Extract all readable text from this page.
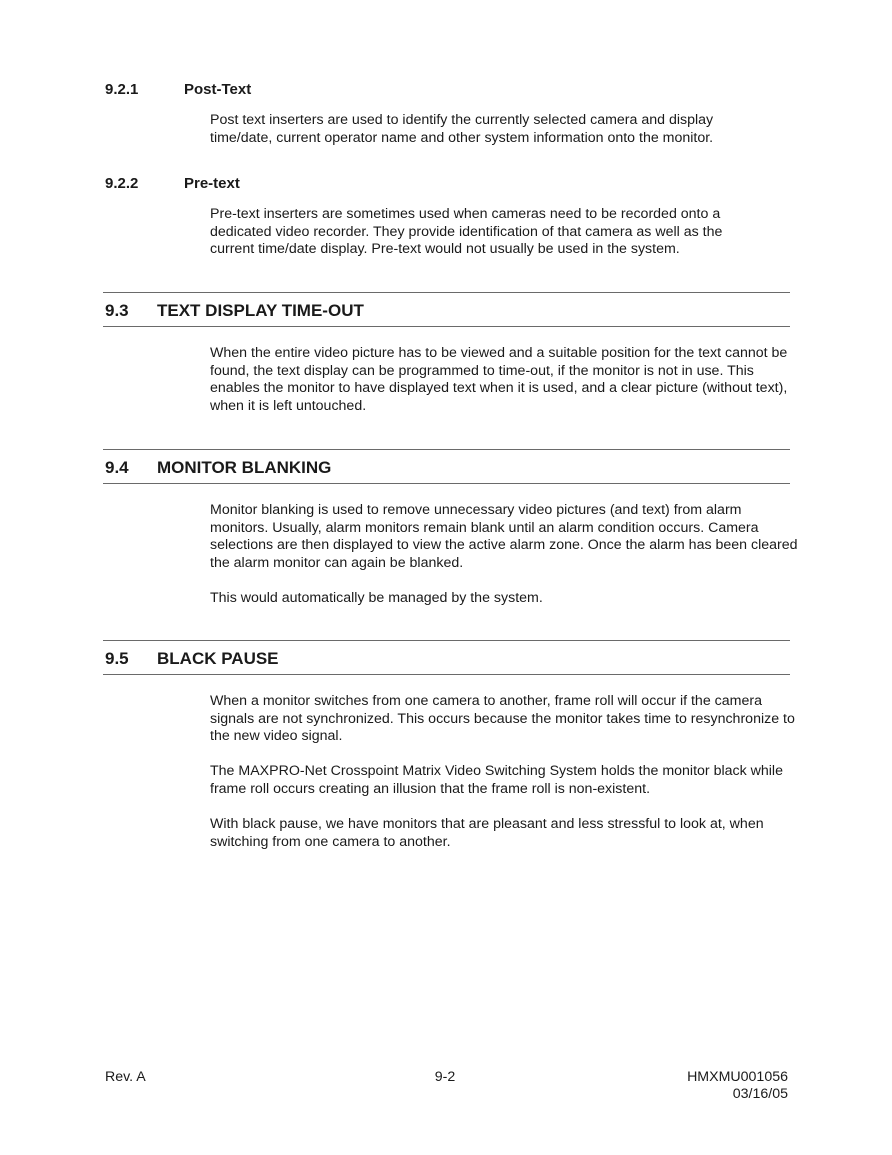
9.2.1	Post-Text
Post text inserters are used to identify the currently selected camera and display time/date, current operator name and other system information onto the monitor.
9.2.2	Pre-text
Pre-text inserters are sometimes used when cameras need to be recorded onto a dedicated video recorder. They provide identification of that camera as well as the current time/date display. Pre-text would not usually be used in the system.
9.3 TEXT DISPLAY TIME-OUT
When the entire video picture has to be viewed and a suitable position for the text cannot be found, the text display can be programmed to time-out, if the monitor is not in use. This enables the monitor to have displayed text when it is used, and a clear picture (without text), when it is left untouched.
9.4 MONITOR BLANKING
Monitor blanking is used to remove unnecessary video pictures (and text) from alarm monitors. Usually, alarm monitors remain blank until an alarm condition occurs. Camera selections are then displayed to view the active alarm zone. Once the alarm has been cleared the alarm monitor can again be blanked.
This would automatically be managed by the system.
9.5 BLACK PAUSE
When a monitor switches from one camera to another, frame roll will occur if the camera signals are not synchronized. This occurs because the monitor takes time to resynchronize to the new video signal.
The MAXPRO-Net Crosspoint Matrix Video Switching System holds the monitor black while frame roll occurs creating an illusion that the frame roll is non-existent.
With black pause, we have monitors that are pleasant and less stressful to look at, when switching from one camera to another.
Rev. A	9-2	HMXMU001056
03/16/05
